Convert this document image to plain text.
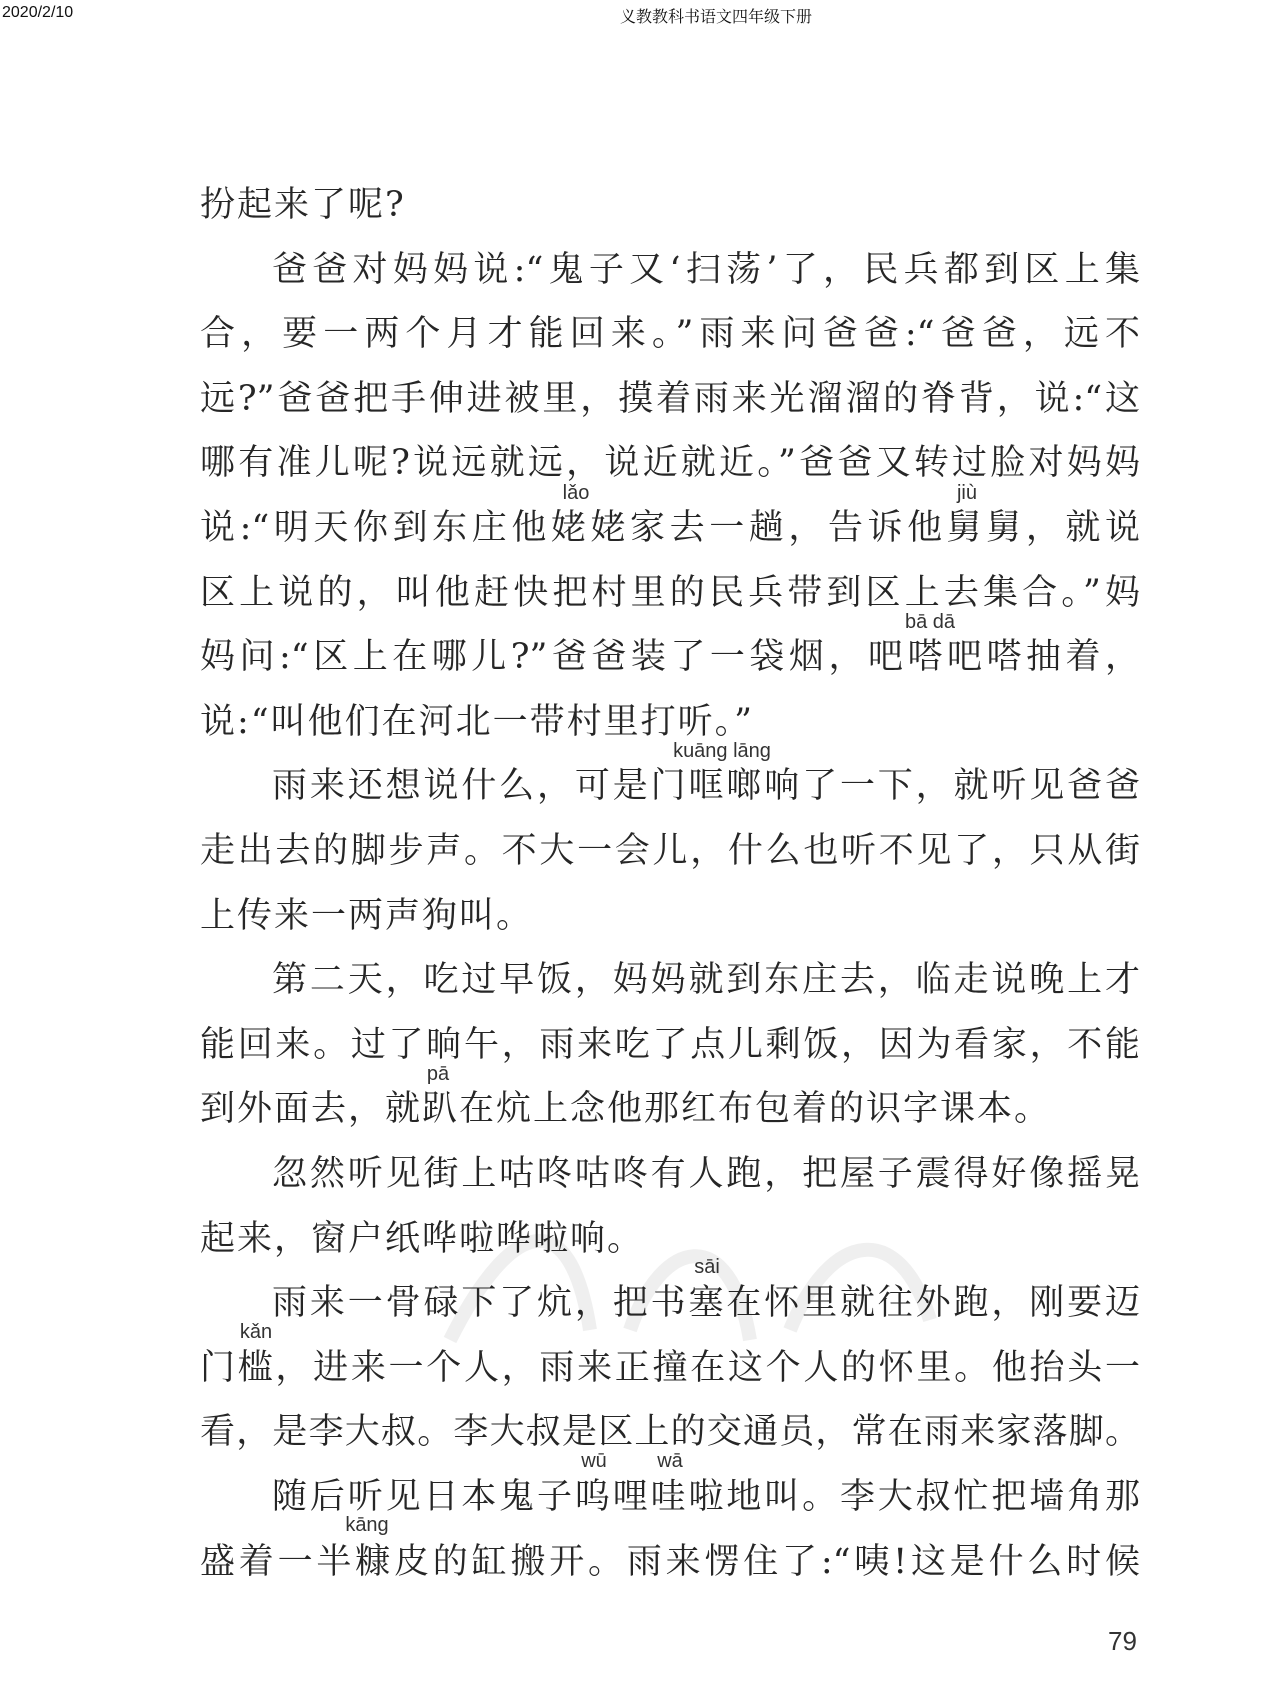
2020/2/10	义教教科书语文四年级下册
扮起来了呢?
爸爸对妈妈说:“鬼子又‘扫荡’了，民兵都到区上集
合，要一两个月才能回来。”雨来问爸爸:“爸爸，远不
远?”爸爸把手伸进被里，摸着雨来光溜溜的脊背，说:“这
哪有准儿呢?说远就远，说近就近。”爸爸又转过脸对妈妈
说:“明天你到东庄他姥姥家去一趟，告诉他舅舅，就说
区上说的，叫他赶快把村里的民兵带到区上去集合。”妈
妈问:“区上在哪儿?”爸爸装了一袋烟，吧嗒吧嗒抽着，
说:“叫他们在河北一带村里打听。”
雨来还想说什么，可是门哐啷响了一下，就听见爸爸
走出去的脚步声。不大一会儿，什么也听不见了，只从街
上传来一两声狗叫。
第二天，吃过早饭，妈妈就到东庄去，临走说晚上才
能回来。过了晌午，雨来吃了点儿剩饭，因为看家，不能
到外面去，就趴在炕上念他那红布包着的识字课本。
忽然听见街上咕咚咕咚有人跑，把屋子震得好像摇晃
起来，窗户纸哗啦哗啦响。
雨来一骨碌下了炕，把书塞在怀里就往外跑，刚要迈
门槛，进来一个人，雨来正撞在这个人的怀里。他抬头一
看，是李大叔。李大叔是区上的交通员，常在雨来家落脚。
随后听见日本鬼子呜哩哇啦地叫。李大叔忙把墙角那
盛着一半糠皮的缸搬开。雨来愣住了:“咦!这是什么时候
lǎo	jiù
bā dā
kuāng lāng
pā
sāi
kǎn
wū	wā
kāng
79
